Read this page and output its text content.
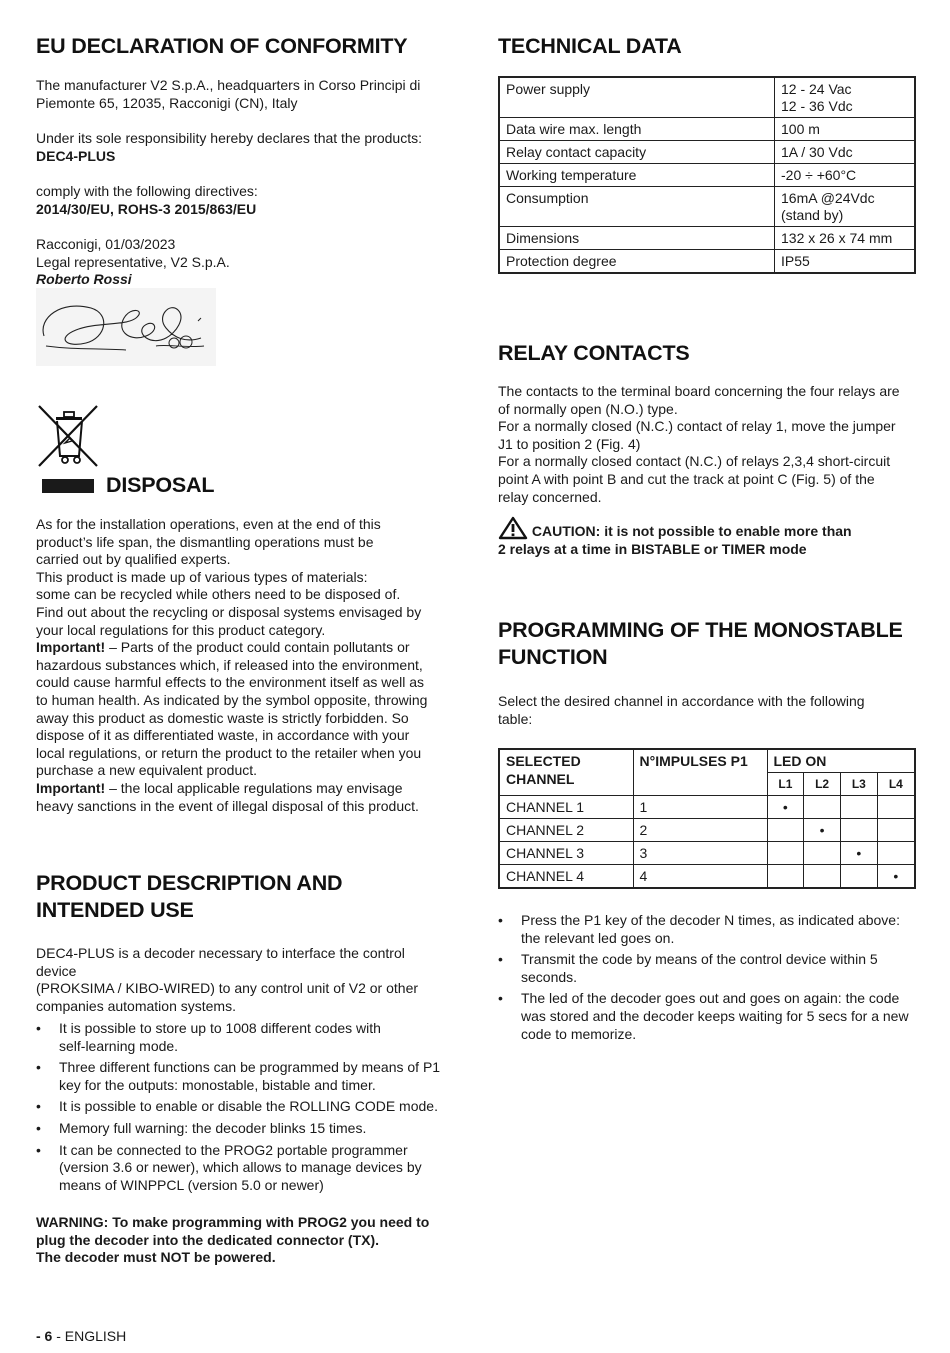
EU DECLARATION OF CONFORMITY

The manufacturer V2 S.p.A., headquarters in Corso Principi di Piemonte 65, 12035, Racconigi (CN), Italy

Under its sole responsibility hereby declares that the products:

DEC4-PLUS

comply with the following directives:

2014/30/EU, ROHS-3 2015/863/EU

Racconigi, 01/03/2023

Legal representative, V2 S.p.A.

Roberto Rossi

DISPOSAL

As for the installation operations, even at the end of this

product’s life span, the dismantling operations must be

carried out by qualified experts.

This product is made up of various types of materials:

some can be recycled while others need to be disposed of.

Find out about the recycling or disposal systems envisaged by

your local regulations for this product category.

Important! – Parts of the product could contain pollutants or

hazardous substances which, if released into the environment,

could cause harmful effects to the environment itself as well as

to human health. As indicated by the symbol opposite, throwing

away this product as domestic waste is strictly forbidden. So

dispose of it as differentiated waste, in accordance with your

local regulations, or return the product to the retailer when you

purchase a new equivalent product.

Important! – the local applicable regulations may envisage

heavy sanctions in the event of illegal disposal of this product.

PRODUCT DESCRIPTION AND
INTENDED USE

DEC4-PLUS is a decoder necessary to interface the control device

(PROKSIMA / KIBO-WIRED) to any control unit of V2 or other

companies automation systems.

• It is possible to store up to 1008 different codes with
self-learning mode.
• Three different functions can be programmed by means of P1
key for the outputs: monostable, bistable and timer.
• It is possible to enable or disable the ROLLING CODE mode.
• Memory full warning: the decoder blinks 15 times.
• It can be connected to the PROG2 portable programmer
(version 3.6 or newer), which allows to manage devices by
means of WINPPCL (version 5.0 or newer)

WARNING: To make programming with PROG2 you need to

plug the decoder into the dedicated connector (TX).

The decoder must NOT be powered.

- 6 - ENGLISH

TECHNICAL DATA
Power supply	12 - 24 Vac
12 - 36 Vdc
Data wire max. length	100 m
Relay contact capacity	1A / 30 Vdc
Working temperature	-20 ÷ +60°C
Consumption	16mA @24Vdc
(stand by)
Dimensions	132 x 26 x 74 mm
Protection degree	IP55
RELAY CONTACTS

The contacts to the terminal board concerning the four relays are

of normally open (N.O.) type.

For a normally closed (N.C.) contact of relay 1, move the jumper

J1 to position 2 (Fig. 4)

For a normally closed contact (N.C.) of relays 2,3,4 short-circuit

point A with point B and cut the track at point C (Fig. 5) of the

relay concerned.

CAUTION: it is not possible to enable more than

2 relays at a time in BISTABLE or TIMER mode

PROGRAMMING OF THE MONOSTABLE
FUNCTION

Select the desired channel in accordance with the following

table:

SELECTED
CHANNEL	N°IMPULSES P1	LED ON			
		L1	L2	L3	L4
CHANNEL 1	1	•			
CHANNEL 2	2		•		
CHANNEL 3	3			•	
CHANNEL 4	4				•
• Press the P1 key of the decoder N times, as indicated above:
the relevant led goes on.
• Transmit the code by means of the control device within 5
seconds.
• The led of the decoder goes out and goes on again: the code
was stored and the decoder keeps waiting for 5 secs for a new
code to memorize.
